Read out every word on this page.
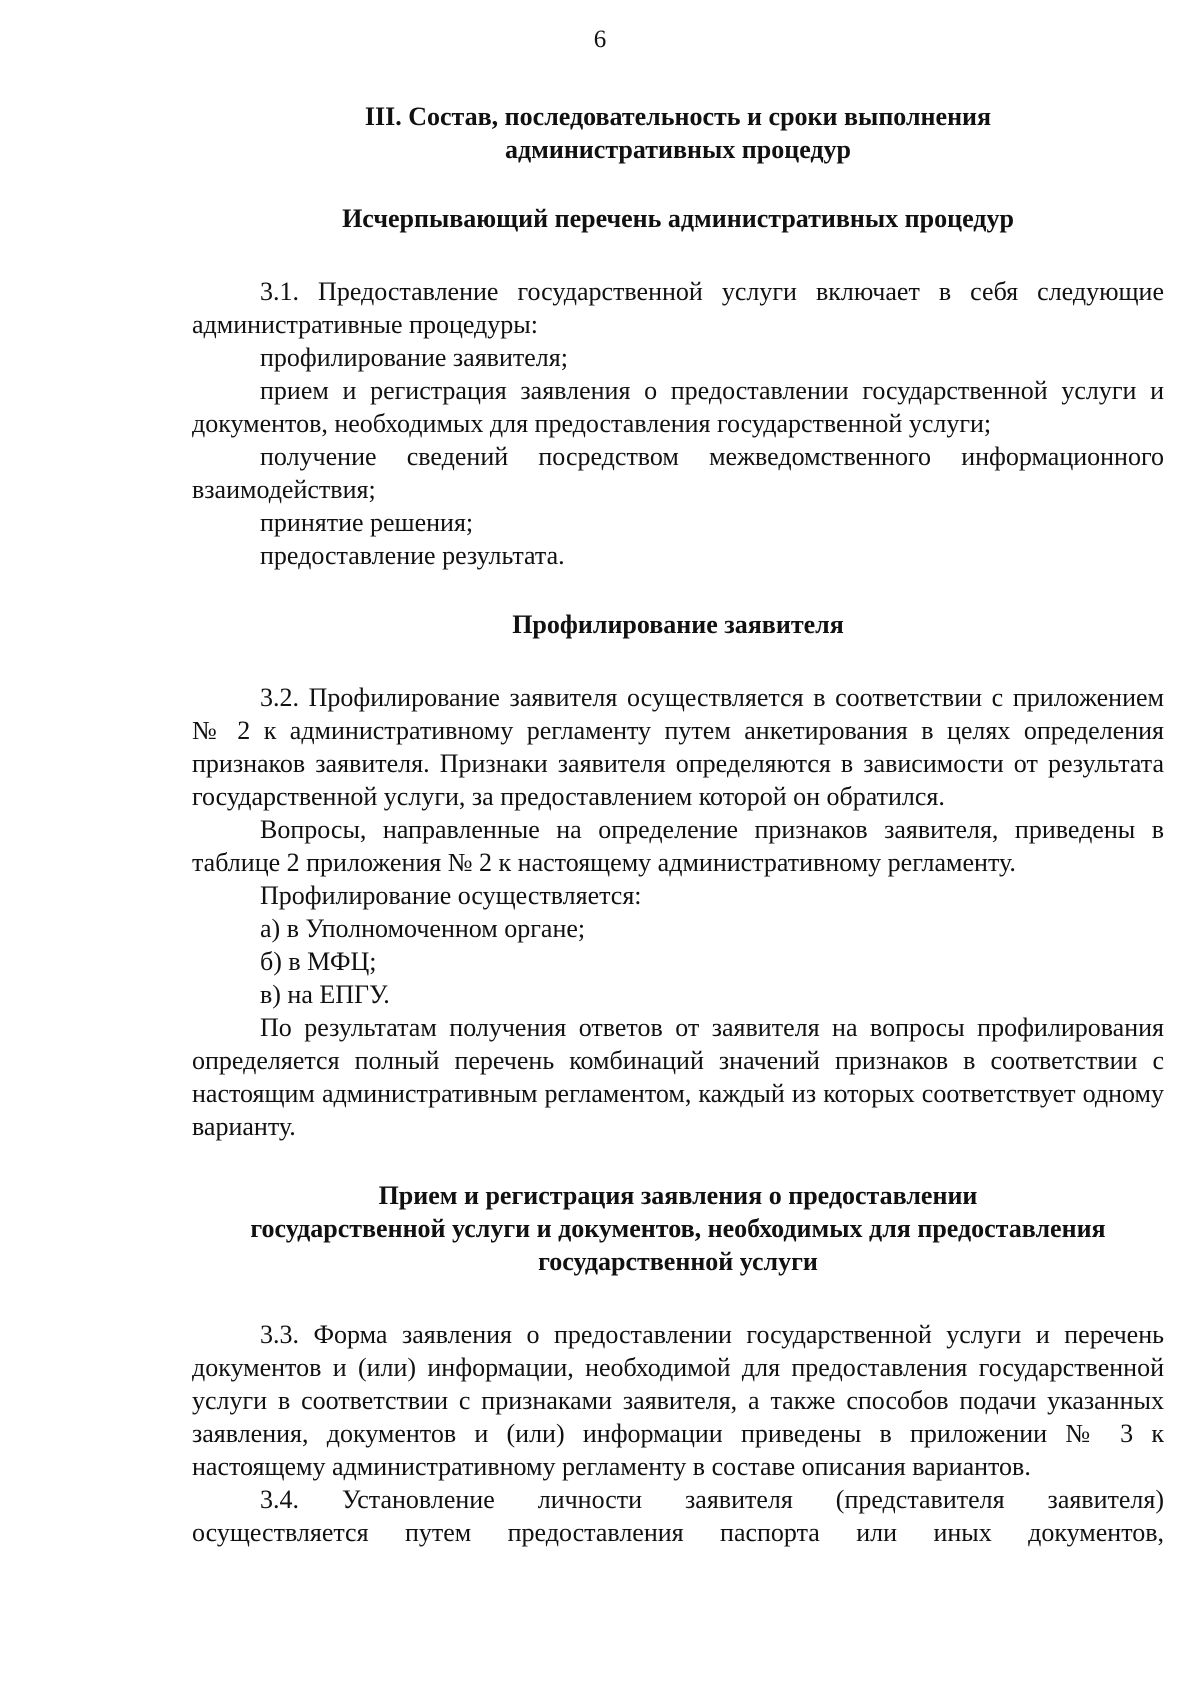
6
III. Состав, последовательность и сроки выполнения
административных процедур
Исчерпывающий перечень административных процедур

3.1. Предоставление государственной услуги включает в себя следующие административные процедуры:

профилирование заявителя;

прием и регистрация заявления о предоставлении государственной услуги и документов, необходимых для предоставления государственной услуги;

получение сведений посредством межведомственного информационного взаимодействия;

принятие решения;

предоставление результата.

Профилирование заявителя

3.2. Профилирование заявителя осуществляется в соответствии с приложением № 2 к административному регламенту путем анкетирования в целях определения признаков заявителя. Признаки заявителя определяются в зависимости от результата государственной услуги, за предоставлением которой он обратился.

Вопросы, направленные на определение признаков заявителя, приведены в таблице 2 приложения № 2 к настоящему административному регламенту.

Профилирование осуществляется:

а) в Уполномоченном органе;

б) в МФЦ;

в) на ЕПГУ.

По результатам получения ответов от заявителя на вопросы профилирования определяется полный перечень комбинаций значений признаков в соответствии с настоящим административным регламентом, каждый из которых соответствует одному варианту.

Прием и регистрация заявления о предоставлении
государственной услуги и документов, необходимых для предоставления
государственной услуги

3.3. Форма заявления о предоставлении государственной услуги и перечень документов и (или) информации, необходимой для предоставления государственной услуги в соответствии с признаками заявителя, а также способов подачи указанных заявления, документов и (или) информации приведены в приложении № 3 к настоящему административному регламенту в составе описания вариантов.

3.4. Установление личности заявителя (представителя заявителя) осуществляется путем предоставления паспорта или иных документов,
